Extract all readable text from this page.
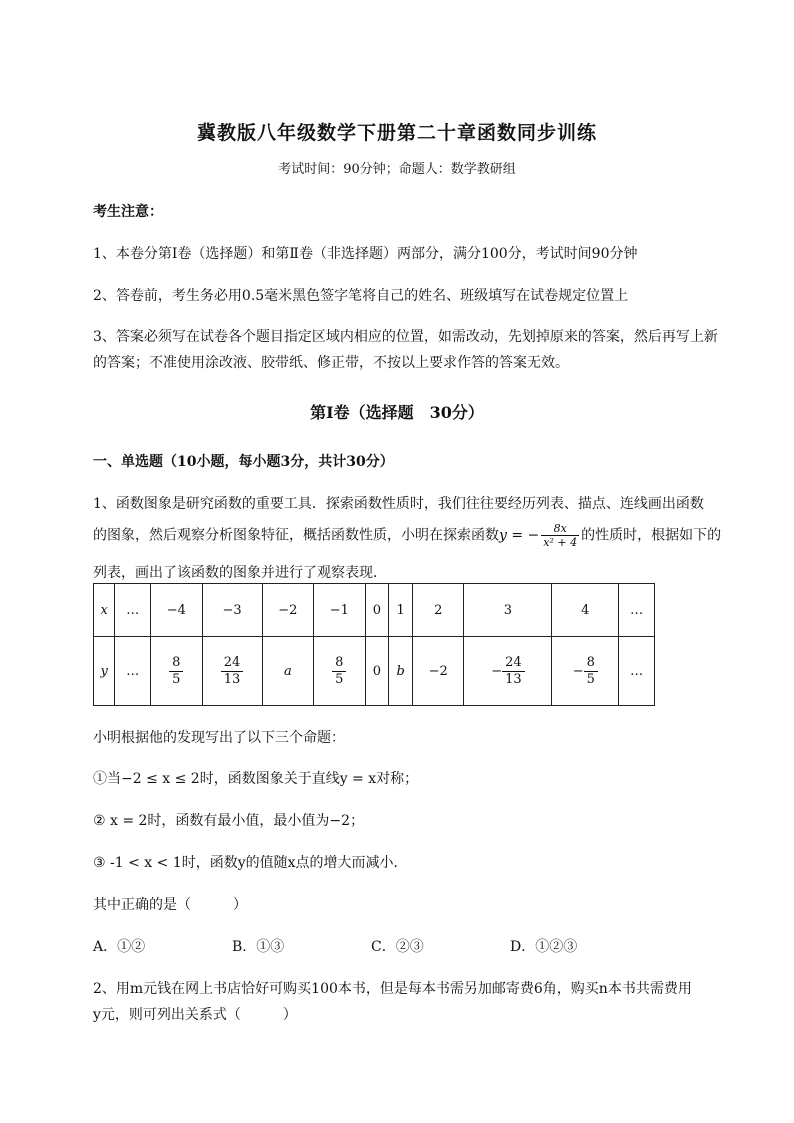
冀教版八年级数学下册第二十章函数同步训练
考试时间：90分钟；命题人：数学教研组
考生注意：
1、本卷分第Ⅰ卷（选择题）和第Ⅱ卷（非选择题）两部分，满分100分，考试时间90分钟
2、答卷前，考生务必用0.5毫米黑色签字笔将自己的姓名、班级填写在试卷规定位置上
3、答案必须写在试卷各个题目指定区域内相应的位置，如需改动，先划掉原来的答案，然后再写上新
的答案；不准使用涂改液、胶带纸、修正带，不按以上要求作答的答案无效。
第Ⅰ卷（选择题　30分）
一、单选题（10小题，每小题3分，共计30分）
1、函数图象是研究函数的重要工具．探索函数性质时，我们往往要经历列表、描点、连线画出函数
的图象，然后观察分析图象特征，概括函数性质，小明在探索函数y = − $\frac{8x}{\text{x² + 4}}$ 的性质时，根据如下的
列表，画出了该函数的图象并进行了观察表现．
x	…	−4	−3	−2	−1	0	1	2	3	4	…
y	…	$\frac{8}{5}$	$\frac{24}{13}$	a	$\frac{8}{5}$	0	b	−2	− $\frac{24}{13}$	− $\frac{8}{5}$	…
小明根据他的发现写出了以下三个命题：
①当−2 ≤ x ≤ 2时，函数图象关于直线y = x对称；
② x = 2时，函数有最小值，最小值为−2；
③ -1 < x < 1时，函数y的值随x点的增大而减小．
其中正确的是（　　　）
A．①②	B．①③	C．②③	D．①②③
2、用m元钱在网上书店恰好可购买100本书，但是每本书需另加邮寄费6角，购买n本书共需费用
y元，则可列出关系式（　　　）
